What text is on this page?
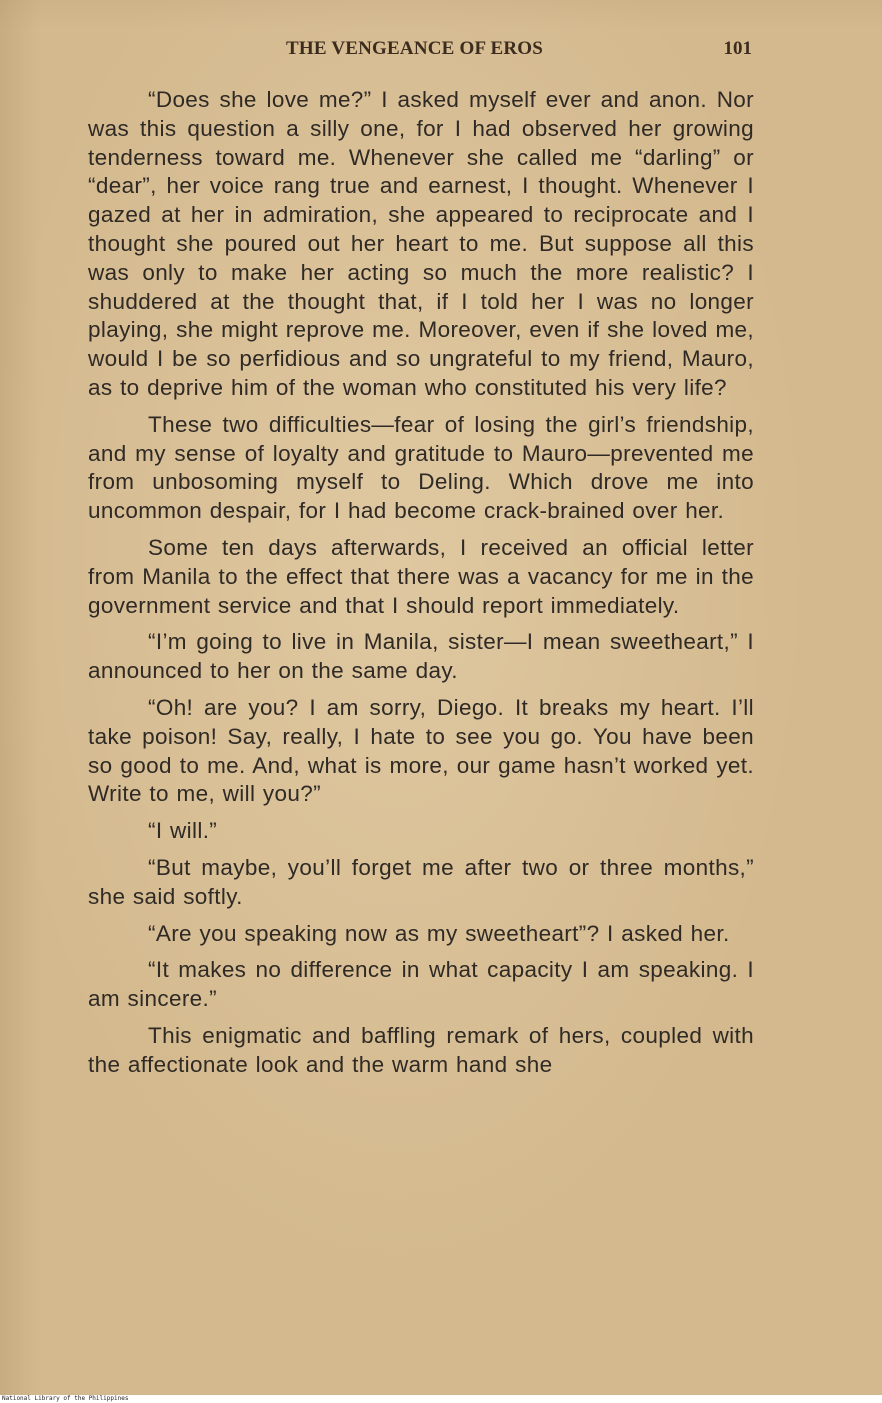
THE VENGEANCE OF EROS	101

“Does she love me?” I asked myself ever and anon. Nor was this question a silly one, for I had observed her growing tenderness toward me. Whenever she called me “darling” or “dear”, her voice rang true and earnest, I thought. Whenever I gazed at her in admiration, she appeared to reciprocate and I thought she poured out her heart to me. But suppose all this was only to make her acting so much the more realistic? I shuddered at the thought that, if I told her I was no longer playing, she might reprove me. Moreover, even if she loved me, would I be so perfidious and so ungrateful to my friend, Mauro, as to deprive him of the woman who constituted his very life?

These two difficulties—fear of losing the girl’s friendship, and my sense of loyalty and gratitude to Mauro—prevented me from unbosoming myself to Deling. Which drove me into uncommon despair, for I had become crack-brained over her.

Some ten days afterwards, I received an official letter from Manila to the effect that there was a vacancy for me in the government service and that I should report immediately.

“I’m going to live in Manila, sister—I mean sweetheart,” I announced to her on the same day.

“Oh! are you? I am sorry, Diego. It breaks my heart. I’ll take poison! Say, really, I hate to see you go. You have been so good to me. And, what is more, our game hasn’t worked yet. Write to me, will you?”

“I will.”

“But maybe, you’ll forget me after two or three months,” she said softly.

“Are you speaking now as my sweetheart”? I asked her.

“It makes no difference in what capacity I am speaking. I am sincere.”

This enigmatic and baffling remark of hers, coupled with the affectionate look and the warm hand she

National Library of the Philippines
